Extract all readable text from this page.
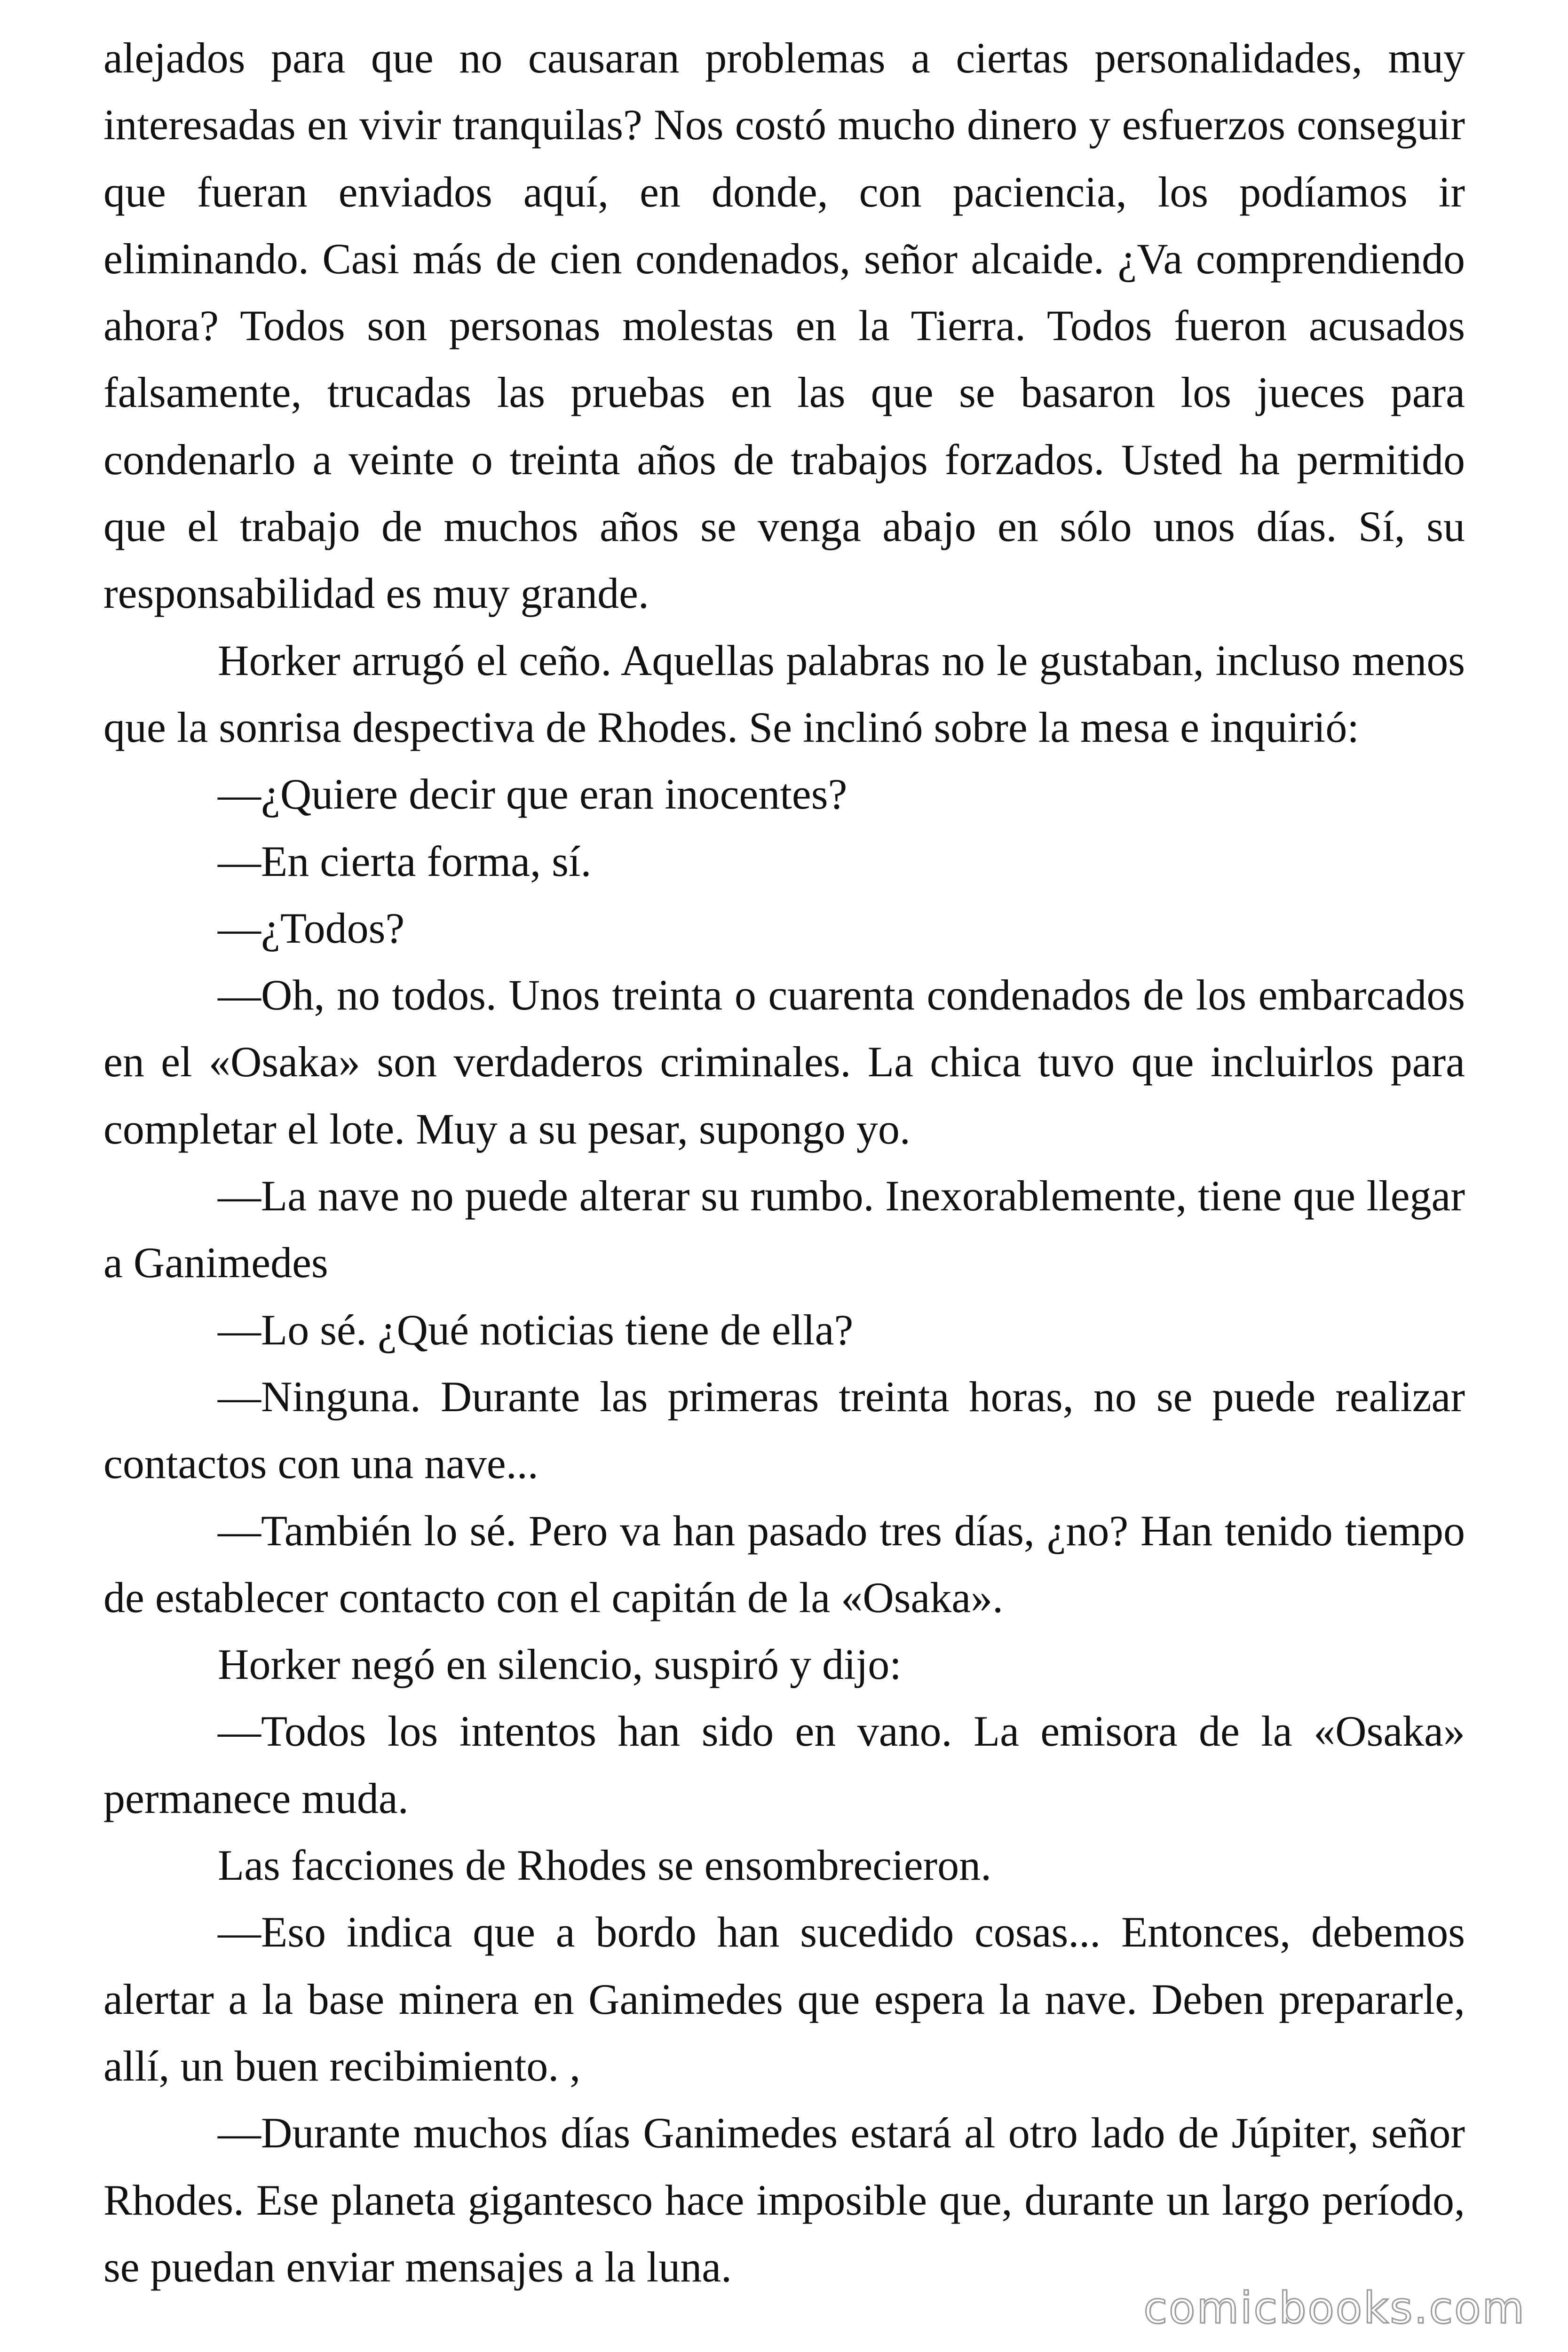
alejados para que no causaran problemas a ciertas personalidades, muy interesadas en vivir tranquilas? Nos costó mucho dinero y esfuerzos conseguir que fueran enviados aquí, en donde, con paciencia, los podíamos ir eliminando. Casi más de cien condenados, señor alcaide. ¿Va comprendiendo ahora? Todos son personas molestas en la Tierra. Todos fueron acusados falsamente, trucadas las pruebas en las que se basaron los jueces para condenarlo a veinte o treinta años de trabajos forzados. Usted ha permitido que el trabajo de muchos años se venga abajo en sólo unos días. Sí, su responsabilidad es muy grande.

Horker arrugó el ceño. Aquellas palabras no le gustaban, incluso menos que la sonrisa despectiva de Rhodes. Se inclinó sobre la mesa e inquirió:

—¿Quiere decir que eran inocentes?

—En cierta forma, sí.

—¿Todos?

—Oh, no todos. Unos treinta o cuarenta condenados de los embarcados en el «Osaka» son verdaderos criminales. La chica tuvo que incluirlos para completar el lote. Muy a su pesar, supongo yo.

—La nave no puede alterar su rumbo. Inexorablemente, tiene que llegar a Ganimedes

—Lo sé. ¿Qué noticias tiene de ella?

—Ninguna. Durante las primeras treinta horas, no se puede realizar contactos con una nave...

—También lo sé. Pero va han pasado tres días, ¿no? Han tenido tiempo de establecer contacto con el capitán de la «Osaka».

Horker negó en silencio, suspiró y dijo:

—Todos los intentos han sido en vano. La emisora de la «Osaka» permanece muda.

Las facciones de Rhodes se ensombrecieron.

—Eso indica que a bordo han sucedido cosas... Entonces, debemos alertar a la base minera en Ganimedes que espera la nave. Deben prepararle, allí, un buen recibimiento. ,

—Durante muchos días Ganimedes estará al otro lado de Júpiter, señor Rhodes. Ese planeta gigantesco hace imposible que, durante un largo período, se puedan enviar mensajes a la luna.

comicbooks.com
